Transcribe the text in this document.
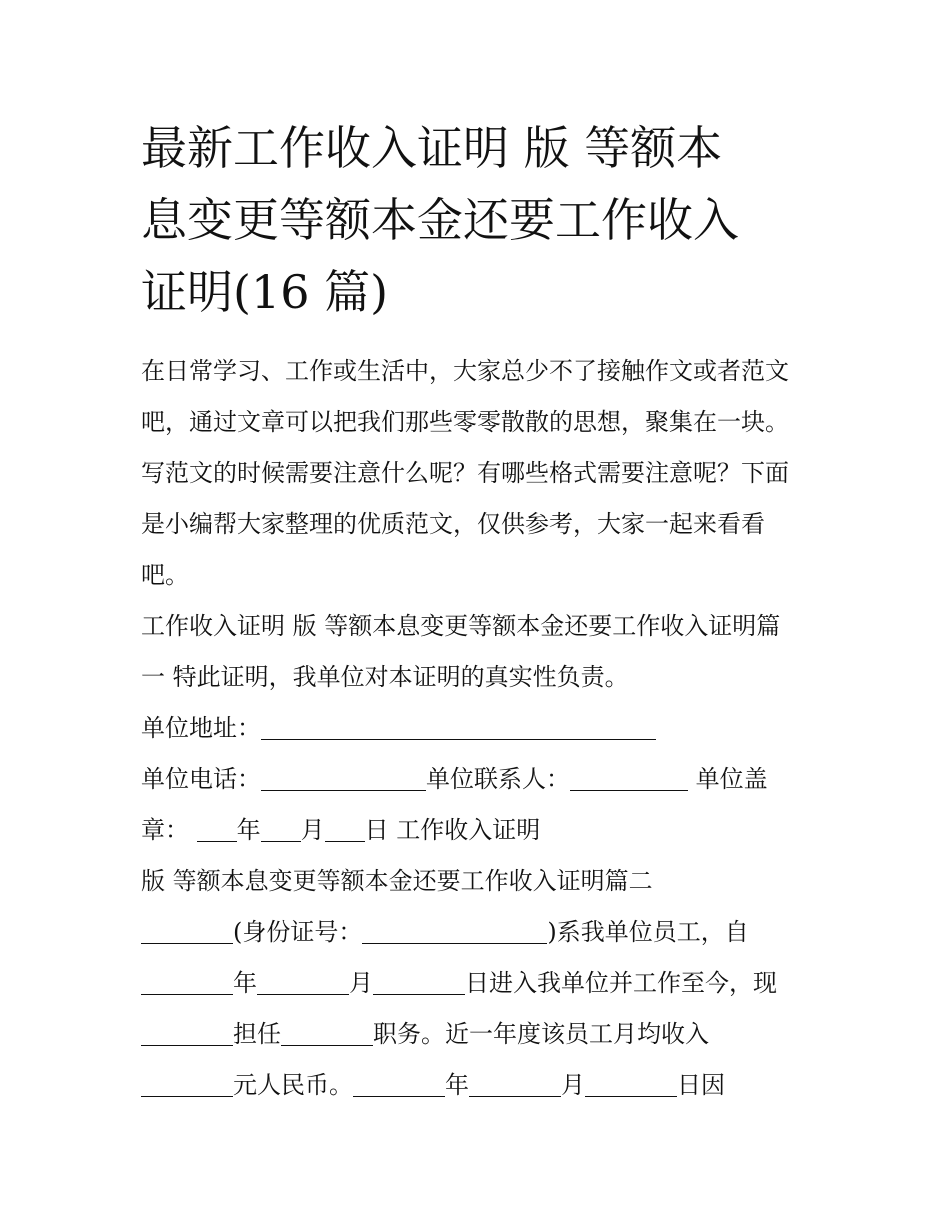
最新工作收入证明 版 等额本
息变更等额本金还要工作收入
证明(16 篇)

在日常学习、工作或生活中，大家总少不了接触作文或者范文

吧，通过文章可以把我们那些零零散散的思想，聚集在一块。

写范文的时候需要注意什么呢？有哪些格式需要注意呢？下面

是小编帮大家整理的优质范文，仅供参考，大家一起来看看

吧。

工作收入证明 版 等额本息变更等额本金还要工作收入证明篇

一 特此证明，我单位对本证明的真实性负责。

单位地址：

单位电话：	单位联系人：	单位盖

章： 年 月 日 工作收入证明

版 等额本息变更等额本金还要工作收入证明篇二

(身份证号：	)系我单位员工，自

年	月	日进入我单位并工作至今，现

担任	职务。近一年度该员工月均收入

元人民币。	年	月	日因
